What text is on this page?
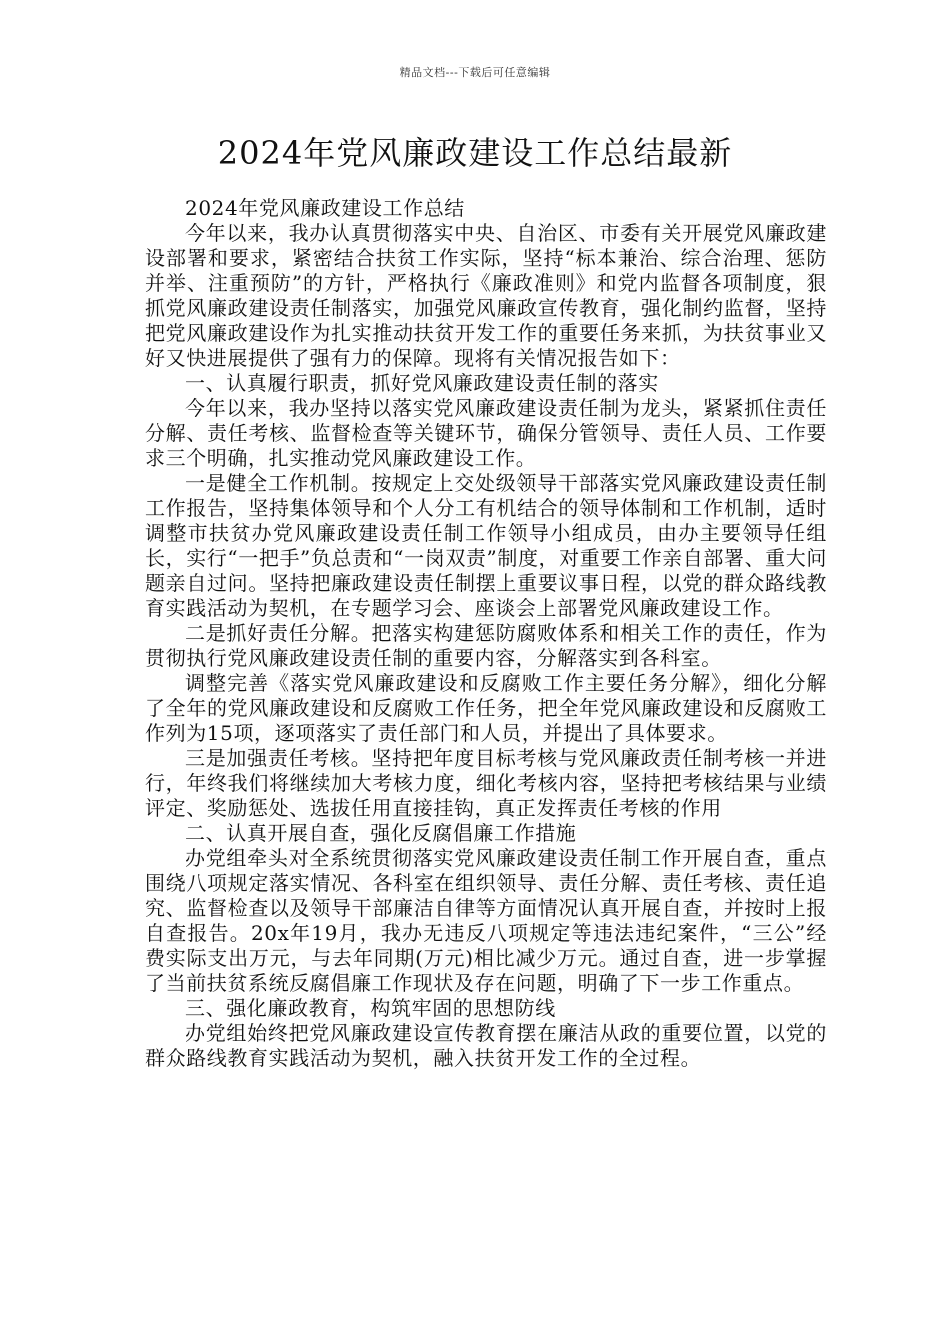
精品文档---下载后可任意编辑
2024年党风廉政建设工作总结最新

2024年党风廉政建设工作总结

今年以来，我办认真贯彻落实中央、自治区、市委有关开展党风廉政建设部署和要求，紧密结合扶贫工作实际，坚持“标本兼治、综合治理、惩防并举、注重预防”的方针，严格执行《廉政准则》和党内监督各项制度，狠抓党风廉政建设责任制落实，加强党风廉政宣传教育，强化制约监督，坚持把党风廉政建设作为扎实推动扶贫开发工作的重要任务来抓，为扶贫事业又好又快进展提供了强有力的保障。现将有关情况报告如下：

一、认真履行职责，抓好党风廉政建设责任制的落实

今年以来，我办坚持以落实党风廉政建设责任制为龙头，紧紧抓住责任分解、责任考核、监督检查等关键环节，确保分管领导、责任人员、工作要求三个明确，扎实推动党风廉政建设工作。

一是健全工作机制。按规定上交处级领导干部落实党风廉政建设责任制工作报告，坚持集体领导和个人分工有机结合的领导体制和工作机制，适时调整市扶贫办党风廉政建设责任制工作领导小组成员，由办主要领导任组长，实行“一把手”负总责和“一岗双责”制度，对重要工作亲自部署、重大问题亲自过问。坚持把廉政建设责任制摆上重要议事日程，以党的群众路线教育实践活动为契机，在专题学习会、座谈会上部署党风廉政建设工作。

二是抓好责任分解。把落实构建惩防腐败体系和相关工作的责任，作为贯彻执行党风廉政建设责任制的重要内容，分解落实到各科室。

调整完善《落实党风廉政建设和反腐败工作主要任务分解》，细化分解了全年的党风廉政建设和反腐败工作任务，把全年党风廉政建设和反腐败工作列为15项，逐项落实了责任部门和人员，并提出了具体要求。

三是加强责任考核。坚持把年度目标考核与党风廉政责任制考核一并进行，年终我们将继续加大考核力度，细化考核内容，坚持把考核结果与业绩评定、奖励惩处、选拔任用直接挂钩，真正发挥责任考核的作用

二、认真开展自查，强化反腐倡廉工作措施

办党组牵头对全系统贯彻落实党风廉政建设责任制工作开展自查，重点围绕八项规定落实情况、各科室在组织领导、责任分解、责任考核、责任追究、监督检查以及领导干部廉洁自律等方面情况认真开展自查，并按时上报自查报告。20x年19月，我办无违反八项规定等违法违纪案件，“三公”经费实际支出万元，与去年同期(万元)相比减少万元。通过自查，进一步掌握了当前扶贫系统反腐倡廉工作现状及存在问题，明确了下一步工作重点。

三、强化廉政教育，构筑牢固的思想防线

办党组始终把党风廉政建设宣传教育摆在廉洁从政的重要位置，以党的群众路线教育实践活动为契机，融入扶贫开发工作的全过程。
